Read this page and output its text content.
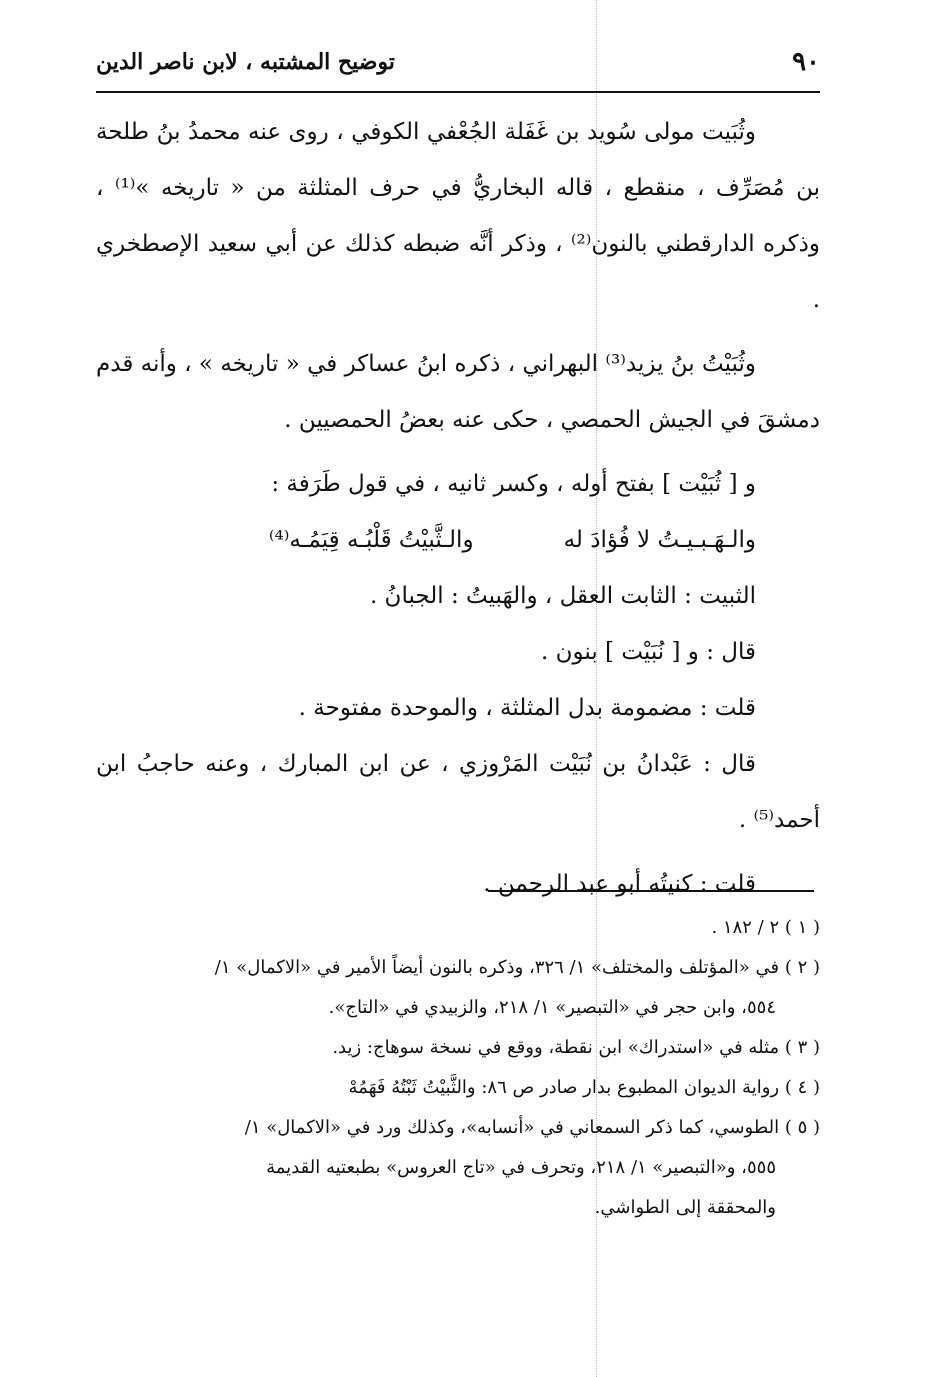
٩٠
توضيح المشتبه ، لابن ناصر الدين

وثُبَيت مولى سُويد بن غَفَلة الجُعْفي الكوفي ، روى عنه محمدُ بنُ طلحة بن مُصَرِّف ، منقطع ، قاله البخاريُّ في حرف المثلثة من « تاريخه »⁽¹⁾ ، وذكره الدارقطني بالنون⁽²⁾ ، وذكر أنَّه ضبطه كذلك عن أبي سعيد الإصطخري .

وثُبَيْتُ بنُ يزيد⁽³⁾ البهراني ، ذكره ابنُ عساكر في « تاريخه » ، وأنه قدم دمشقَ في الجيش الحمصي ، حكى عنه بعضُ الحمصيين .

و [ ثُبَيْت ] بفتح أوله ، وكسر ثانيه ، في قول طَرَفة :

والـهَـبـيـتُ لا فُؤادَ له
والـثَّبيْتُ قَلْبُـه قِيَمُـه⁽⁴⁾

الثبيت : الثابت العقل ، والهَبيتُ : الجبانُ .

قال : و [ نُبَيْت ] بنون .

قلت : مضمومة بدل المثلثة ، والموحدة مفتوحة .

قال : عَبْدانُ بن نُبَيْت المَرْوزي ، عن ابن المبارك ، وعنه حاجبُ ابن أحمد⁽⁵⁾ .

قلت : كنيتُه أبو عبد الرحمن .

( ١ ) ٢ / ١٨٢ .

( ٢ ) في «المؤتلف والمختلف» ١/ ٣٢٦، وذكره بالنون أيضاً الأمير في «الاكمال» ١/

٥٥٤، وابن حجر في «التبصير» ١/ ٢١٨، والزبيدي في «التاج».

( ٣ ) مثله في «استدراك» ابن نقطة، ووقع في نسخة سوهاج: زيد.

( ٤ ) رواية الديوان المطبوع بدار صادر ص ٨٦: والثَّبيْتُ ثَبْتُهُ فَهَمُهْ

( ٥ ) الطوسي، كما ذكر السمعاني في «أنسابه»، وكذلك ورد في «الاكمال» ١/

٥٥٥، و«التبصير» ١/ ٢١٨، وتحرف في «تاج العروس» بطبعتيه القديمة

والمحققة إلى الطواشي.
